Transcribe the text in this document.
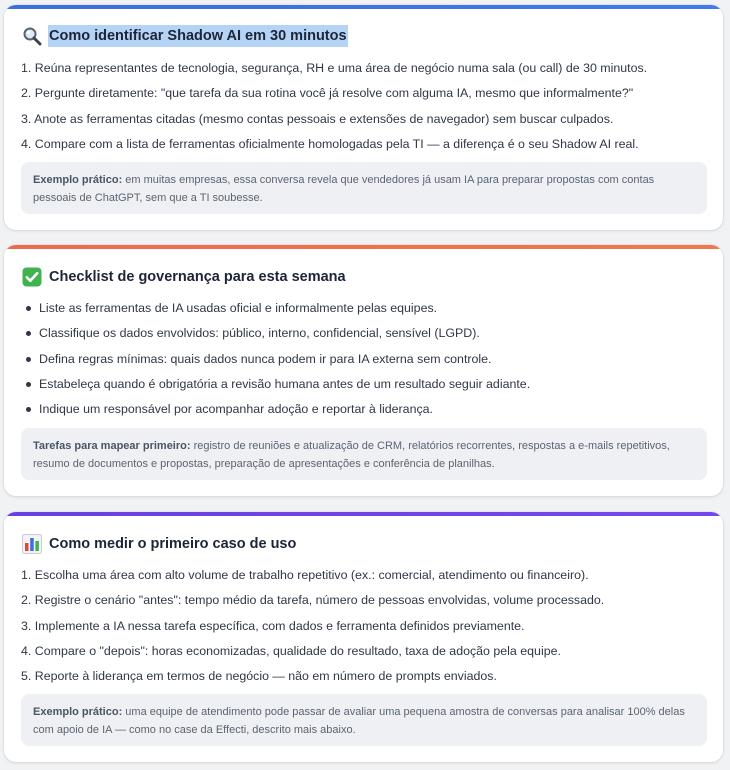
Como identificar Shadow AI em 30 minutos
Reúna representantes de tecnologia, segurança, RH e uma área de negócio numa sala (ou call) de 30 minutos.
Pergunte diretamente: "que tarefa da sua rotina você já resolve com alguma IA, mesmo que informalmente?"
Anote as ferramentas citadas (mesmo contas pessoais e extensões de navegador) sem buscar culpados.
Compare com a lista de ferramentas oficialmente homologadas pela TI — a diferença é o seu Shadow AI real.
Exemplo prático: em muitas empresas, essa conversa revela que vendedores já usam IA para preparar propostas com contas pessoais de ChatGPT, sem que a TI soubesse.
Checklist de governança para esta semana
Liste as ferramentas de IA usadas oficial e informalmente pelas equipes.
Classifique os dados envolvidos: público, interno, confidencial, sensível (LGPD).
Defina regras mínimas: quais dados nunca podem ir para IA externa sem controle.
Estabeleça quando é obrigatória a revisão humana antes de um resultado seguir adiante.
Indique um responsável por acompanhar adoção e reportar à liderança.
Tarefas para mapear primeiro: registro de reuniões e atualização de CRM, relatórios recorrentes, respostas a e-mails repetitivos, resumo de documentos e propostas, preparação de apresentações e conferência de planilhas.
Como medir o primeiro caso de uso
Escolha uma área com alto volume de trabalho repetitivo (ex.: comercial, atendimento ou financeiro).
Registre o cenário "antes": tempo médio da tarefa, número de pessoas envolvidas, volume processado.
Implemente a IA nessa tarefa específica, com dados e ferramenta definidos previamente.
Compare o "depois": horas economizadas, qualidade do resultado, taxa de adoção pela equipe.
Reporte à liderança em termos de negócio — não em número de prompts enviados.
Exemplo prático: uma equipe de atendimento pode passar de avaliar uma pequena amostra de conversas para analisar 100% delas com apoio de IA — como no case da Effecti, descrito mais abaixo.
